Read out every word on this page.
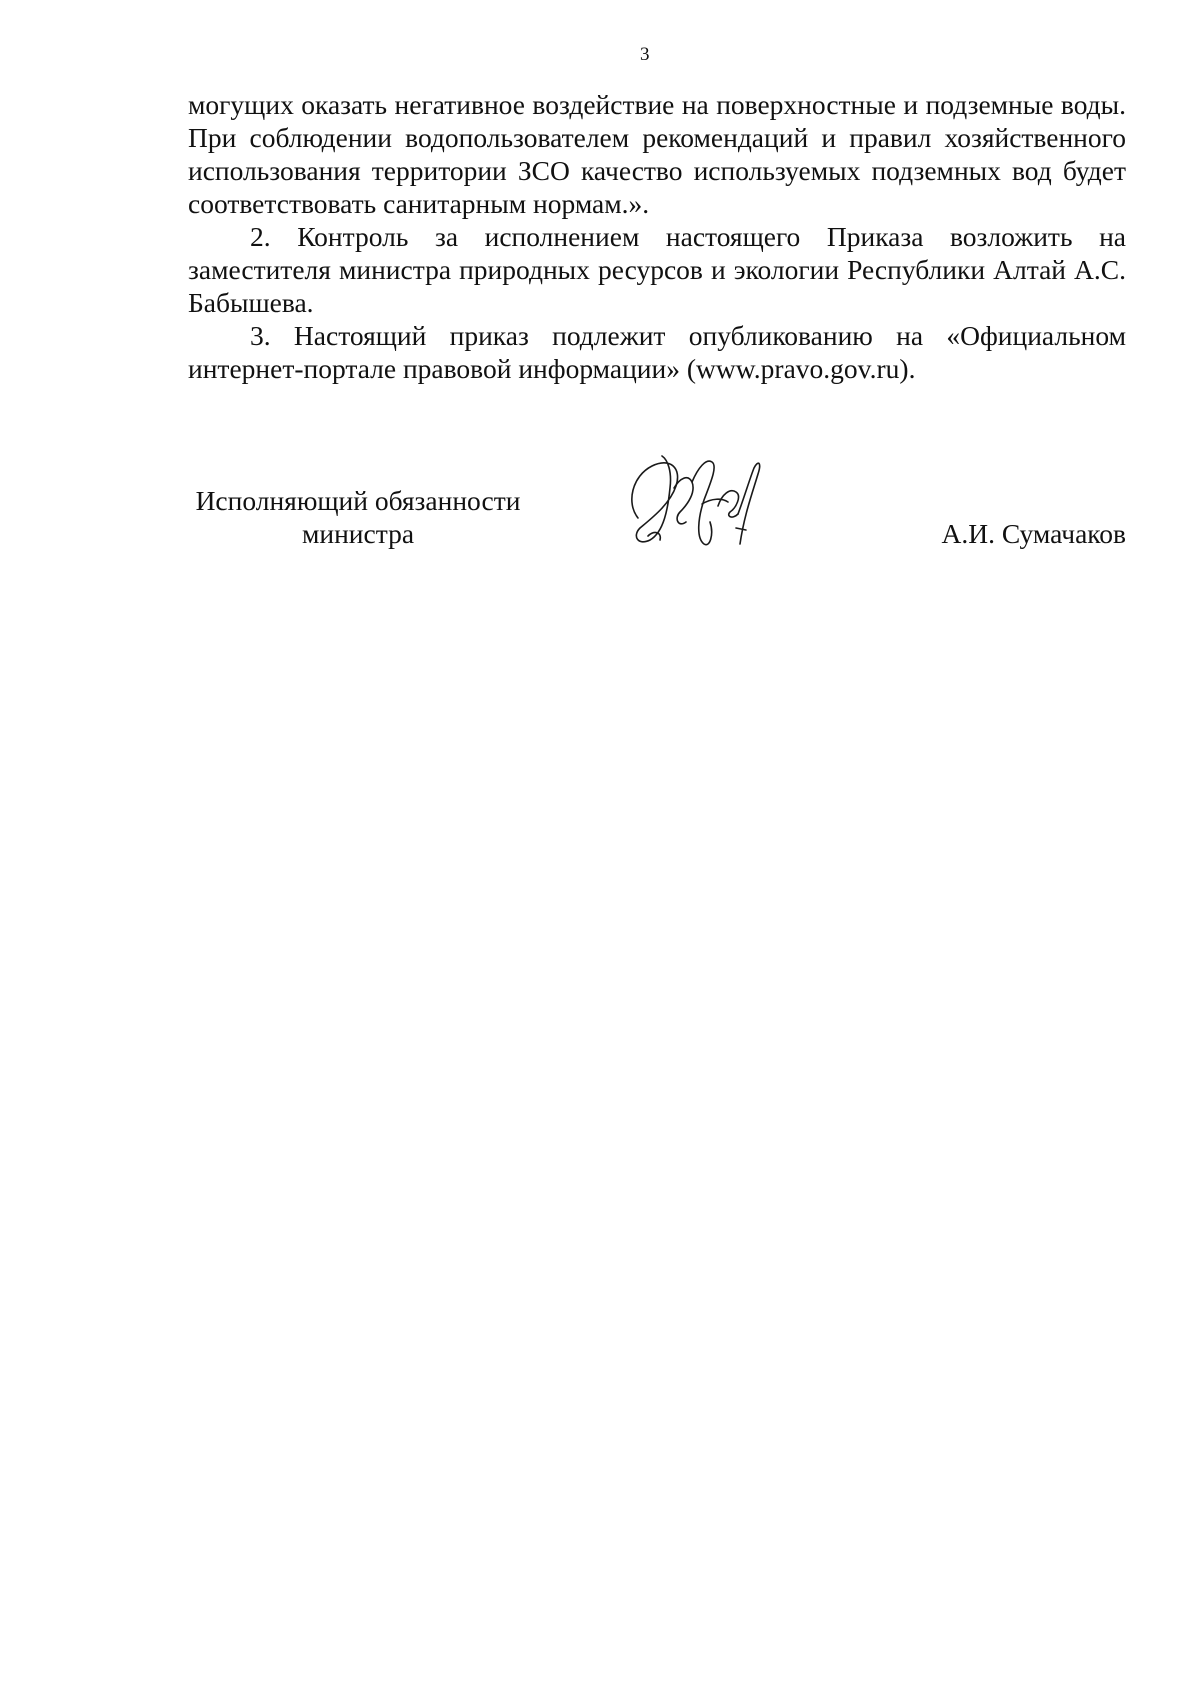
3

могущих оказать негативное воздействие на поверхностные и подземные воды. При соблюдении водопользователем рекомендаций и правил хозяйственного использования территории ЗСО качество используемых подземных вод будет соответствовать санитарным нормам.».

2. Контроль за исполнением настоящего Приказа возложить на заместителя министра природных ресурсов и экологии Республики Алтай А.С. Бабышева.

3. Настоящий приказ подлежит опубликованию на «Официальном интернет-портале правовой информации» (www.pravo.gov.ru).

Исполняющий обязанности
министра	А.И. Сумачаков
